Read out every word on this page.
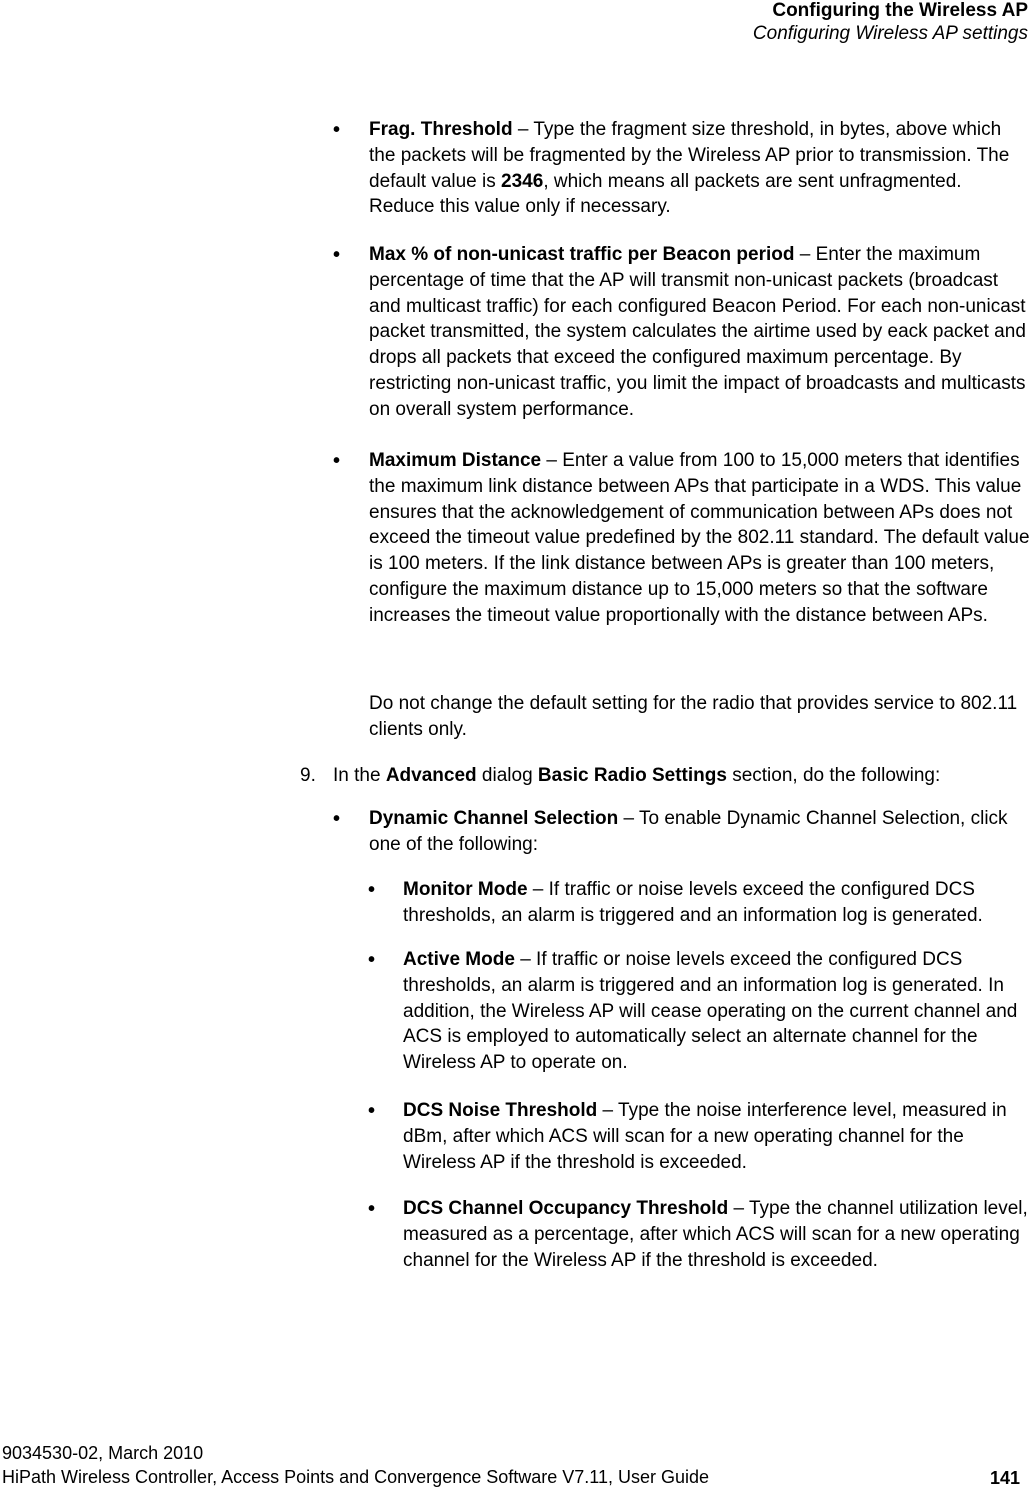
Configuring the Wireless AP
Configuring Wireless AP settings
• Frag. Threshold – Type the fragment size threshold, in bytes, above which the packets will be fragmented by the Wireless AP prior to transmission. The default value is 2346, which means all packets are sent unfragmented. Reduce this value only if necessary.
• Max % of non-unicast traffic per Beacon period – Enter the maximum percentage of time that the AP will transmit non-unicast packets (broadcast and multicast traffic) for each configured Beacon Period. For each non-unicast packet transmitted, the system calculates the airtime used by eack packet and drops all packets that exceed the configured maximum percentage. By restricting non-unicast traffic, you limit the impact of broadcasts and multicasts on overall system performance.
• Maximum Distance – Enter a value from 100 to 15,000 meters that identifies the maximum link distance between APs that participate in a WDS. This value ensures that the acknowledgement of communication between APs does not exceed the timeout value predefined by the 802.11 standard. The default value is 100 meters. If the link distance between APs is greater than 100 meters, configure the maximum distance up to 15,000 meters so that the software increases the timeout value proportionally with the distance between APs.
Do not change the default setting for the radio that provides service to 802.11 clients only.
9. In the Advanced dialog Basic Radio Settings section, do the following:
• Dynamic Channel Selection – To enable Dynamic Channel Selection, click one of the following:
• Monitor Mode – If traffic or noise levels exceed the configured DCS thresholds, an alarm is triggered and an information log is generated.
• Active Mode – If traffic or noise levels exceed the configured DCS thresholds, an alarm is triggered and an information log is generated. In addition, the Wireless AP will cease operating on the current channel and ACS is employed to automatically select an alternate channel for the Wireless AP to operate on.
• DCS Noise Threshold – Type the noise interference level, measured in dBm, after which ACS will scan for a new operating channel for the Wireless AP if the threshold is exceeded.
• DCS Channel Occupancy Threshold – Type the channel utilization level, measured as a percentage, after which ACS will scan for a new operating channel for the Wireless AP if the threshold is exceeded.
9034530-02, March 2010
HiPath Wireless Controller, Access Points and Convergence Software V7.11, User Guide	141
